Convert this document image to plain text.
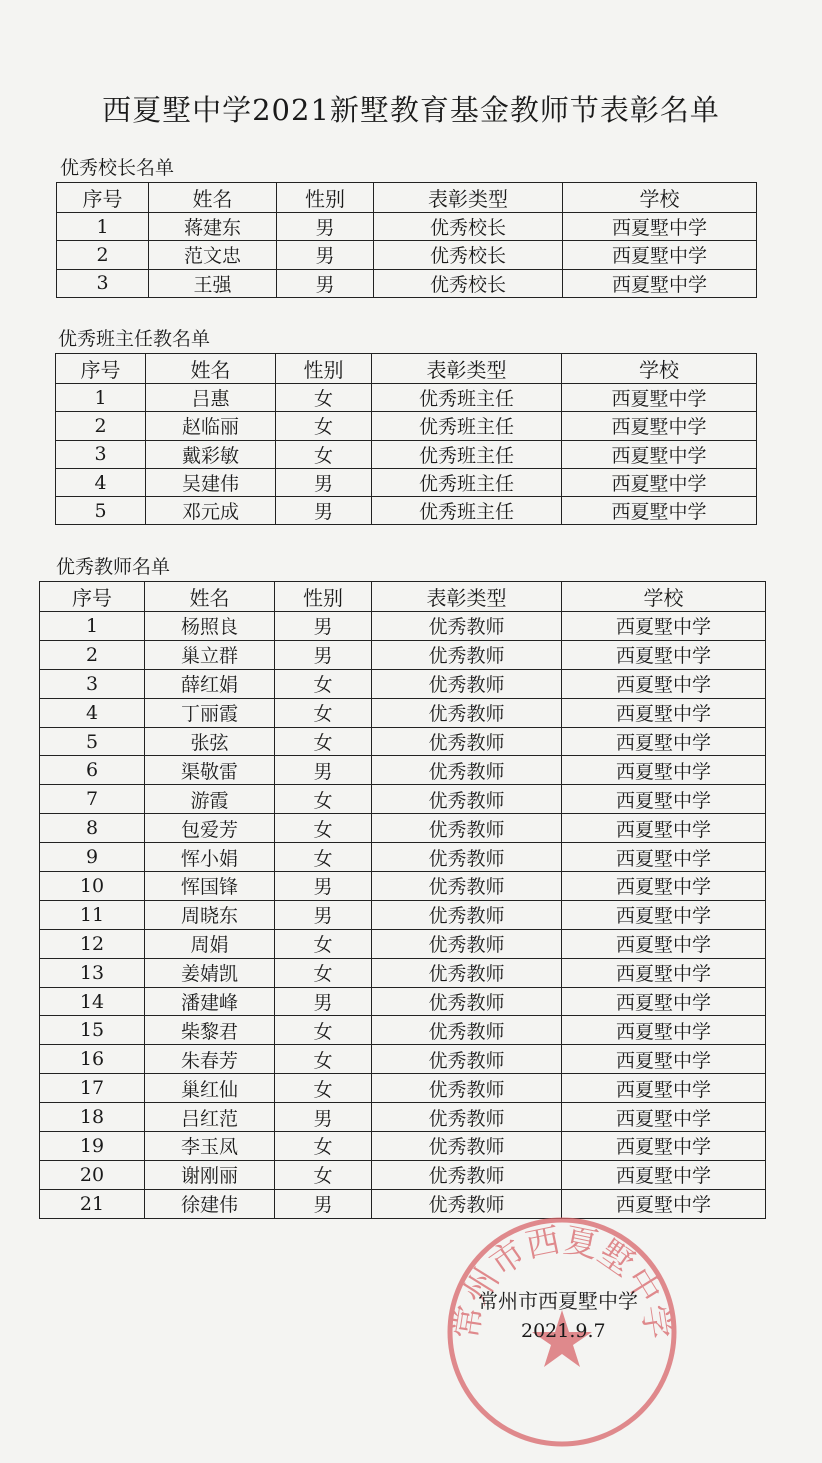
西夏墅中学2021新墅教育基金教师节表彰名单
优秀校长名单
序号	姓名	性别	表彰类型	学校
1	蒋建东	男	优秀校长	西夏墅中学
2	范文忠	男	优秀校长	西夏墅中学
3	王强	男	优秀校长	西夏墅中学
优秀班主任教名单
序号	姓名	性别	表彰类型	学校
1	吕惠	女	优秀班主任	西夏墅中学
2	赵临丽	女	优秀班主任	西夏墅中学
3	戴彩敏	女	优秀班主任	西夏墅中学
4	吴建伟	男	优秀班主任	西夏墅中学
5	邓元成	男	优秀班主任	西夏墅中学
优秀教师名单
序号	姓名	性别	表彰类型	学校
1	杨照良	男	优秀教师	西夏墅中学
2	巢立群	男	优秀教师	西夏墅中学
3	薛红娟	女	优秀教师	西夏墅中学
4	丁丽霞	女	优秀教师	西夏墅中学
5	张弦	女	优秀教师	西夏墅中学
6	渠敬雷	男	优秀教师	西夏墅中学
7	游霞	女	优秀教师	西夏墅中学
8	包爱芳	女	优秀教师	西夏墅中学
9	恽小娟	女	优秀教师	西夏墅中学
10	恽国锋	男	优秀教师	西夏墅中学
11	周晓东	男	优秀教师	西夏墅中学
12	周娟	女	优秀教师	西夏墅中学
13	姜婧凯	女	优秀教师	西夏墅中学
14	潘建峰	男	优秀教师	西夏墅中学
15	柴黎君	女	优秀教师	西夏墅中学
16	朱春芳	女	优秀教师	西夏墅中学
17	巢红仙	女	优秀教师	西夏墅中学
18	吕红范	男	优秀教师	西夏墅中学
19	李玉凤	女	优秀教师	西夏墅中学
20	谢刚丽	女	优秀教师	西夏墅中学
21	徐建伟	男	优秀教师	西夏墅中学
常州市西夏墅中学
常州市西夏墅中学
2021.9.7
